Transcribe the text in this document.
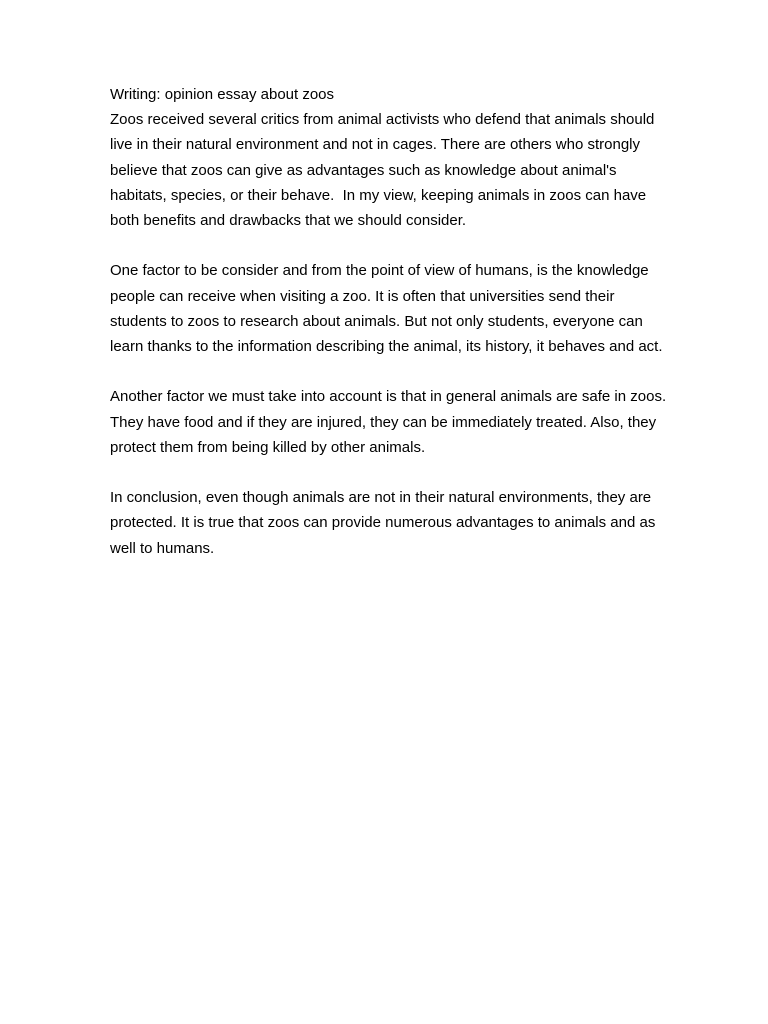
Writing: opinion essay about zoos

Zoos received several critics from animal activists who defend that animals should live in their natural environment and not in cages. There are others who strongly believe that zoos can give as advantages such as knowledge about animal's habitats, species, or their behave.  In my view, keeping animals in zoos can have both benefits and drawbacks that we should consider.

One factor to be consider and from the point of view of humans, is the knowledge people can receive when visiting a zoo. It is often that universities send their students to zoos to research about animals. But not only students, everyone can learn thanks to the information describing the animal, its history, it behaves and act.

Another factor we must take into account is that in general animals are safe in zoos. They have food and if they are injured, they can be immediately treated. Also, they protect them from being killed by other animals.

In conclusion, even though animals are not in their natural environments, they are protected. It is true that zoos can provide numerous advantages to animals and as well to humans.
